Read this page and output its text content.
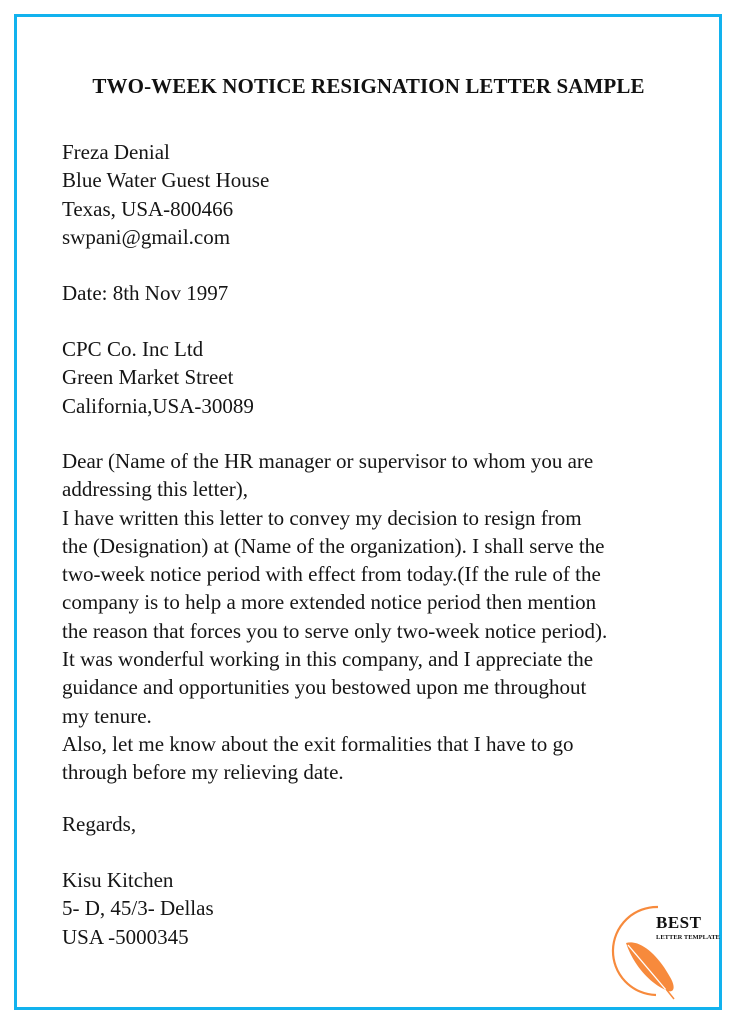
TWO-WEEK NOTICE RESIGNATION LETTER SAMPLE
Freza Denial
Blue Water Guest House
Texas, USA-800466
swpani@gmail.com
Date: 8th Nov 1997
CPC Co. Inc Ltd
Green Market Street
California,USA-30089
Dear (Name of the HR manager or supervisor to whom you are
addressing this letter),
I have written this letter to convey my decision to resign from
the (Designation) at (Name of the organization). I shall serve the
two-week notice period with effect from today.(If the rule of the
company is to help a more extended notice period then mention
the reason that forces you to serve only two-week notice period).
It was wonderful working in this company, and I appreciate the
guidance and opportunities you bestowed upon me throughout
my tenure.
Also, let me know about the exit formalities that I have to go
through before my relieving date.
Regards,
Kisu Kitchen
5- D, 45/3- Dellas
USA -5000345
BEST
LETTER TEMPLATE
